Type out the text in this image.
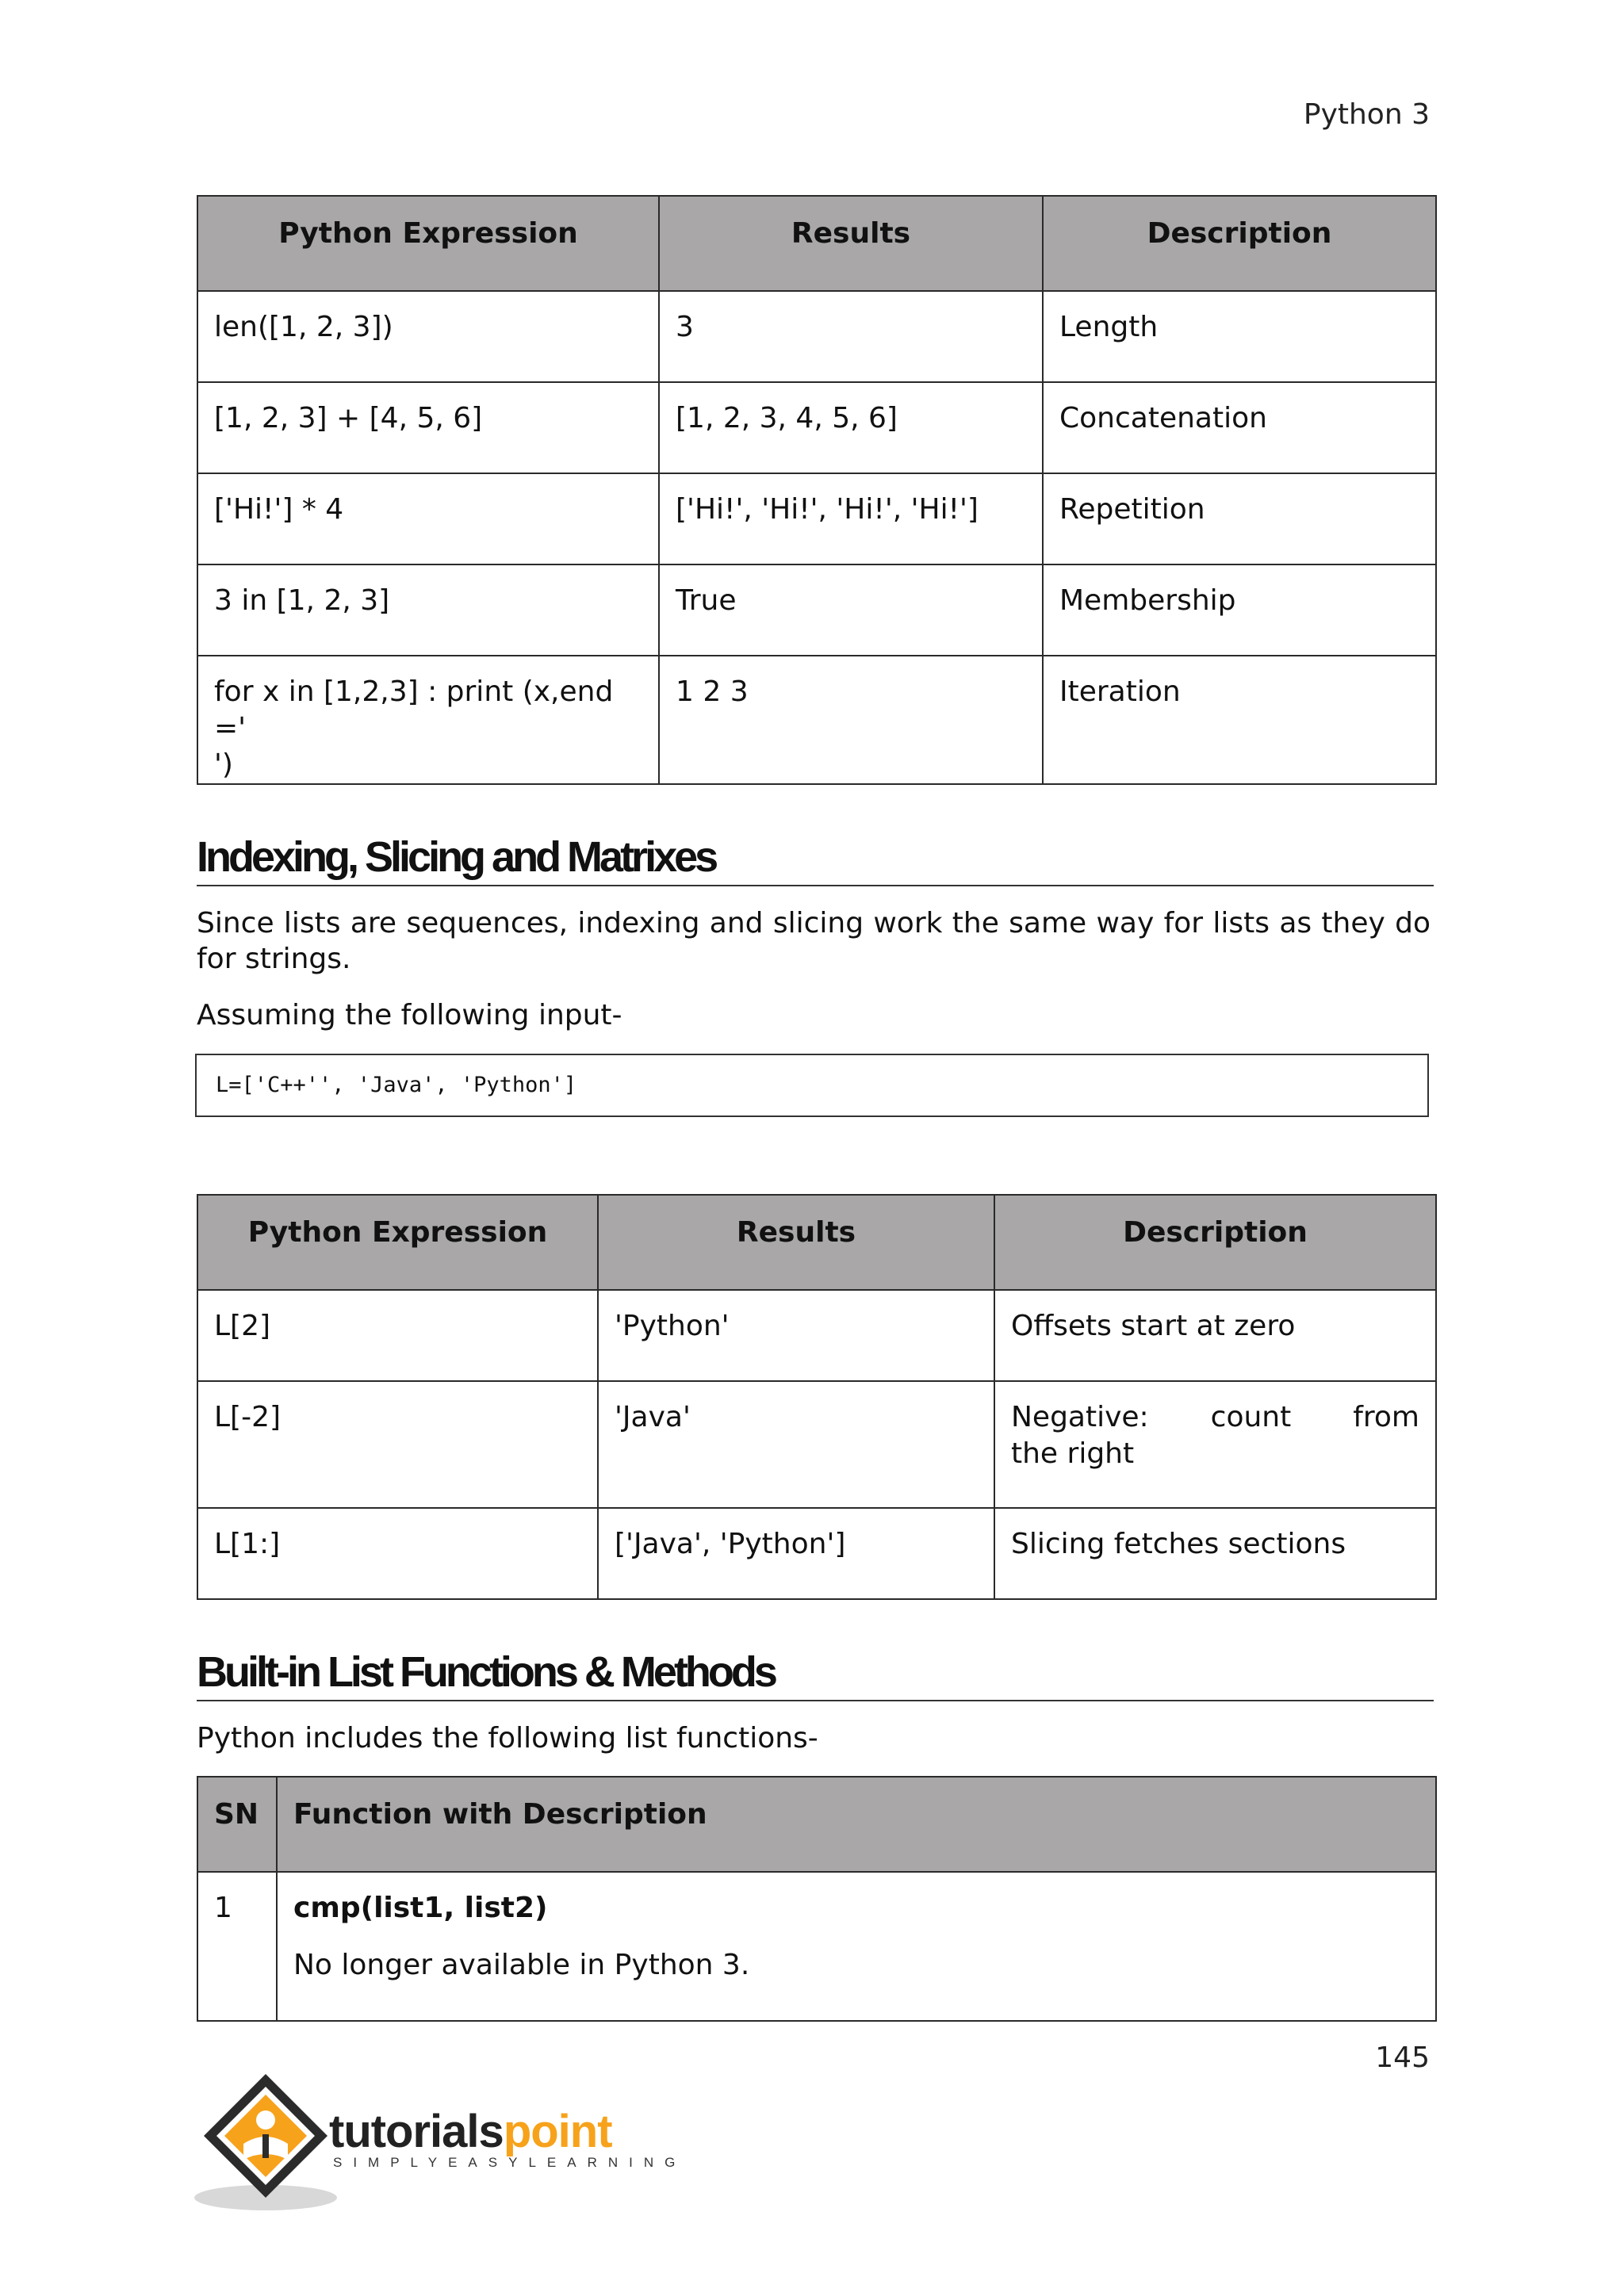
Python 3
Python Expression	Results	Description
len([1, 2, 3])	3	Length
[1, 2, 3] + [4, 5, 6]	[1, 2, 3, 4, 5, 6]	Concatenation
['Hi!'] * 4	['Hi!', 'Hi!', 'Hi!', 'Hi!']	Repetition
3 in [1, 2, 3]	True	Membership
for x in [1,2,3] : print (x,end='
')	1 2 3	Iteration
Indexing, Slicing and Matrixes
Since lists are sequences, indexing and slicing work the same way for lists as they do for strings.
Assuming the following input-
L=['C++'', 'Java', 'Python']
Python Expression	Results	Description
L[2]	'Python'	Offsets start at zero
L[-2]	'Java'	Negative:   count   from   the right
L[1:]	['Java', 'Python']	Slicing fetches sections
Built-in List Functions & Methods
Python includes the following list functions-
SN	Function with Description
1	cmp(list1, list2)
No longer available in Python 3.
145
tutorialspoint
SIMPLYEASYLEARNING
